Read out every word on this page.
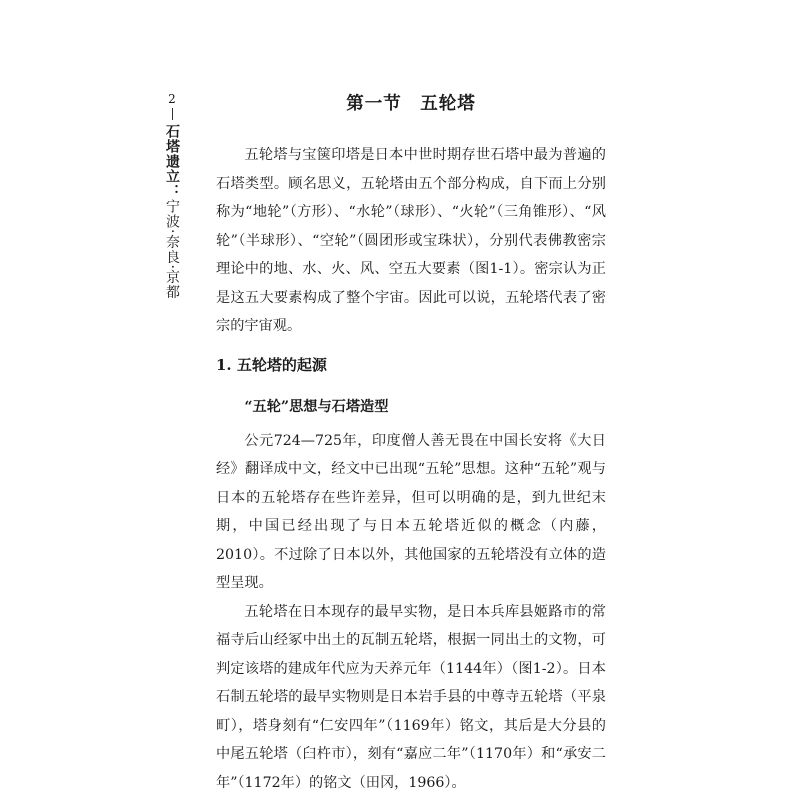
2
石塔遗立：宁波·奈良·京都
第一节　五轮塔

五轮塔与宝箧印塔是日本中世时期存世石塔中最为普遍的石塔类型。顾名思义，五轮塔由五个部分构成，自下而上分别称为“地轮”（方形）、“水轮”（球形）、“火轮”（三角锥形）、“风轮”（半球形）、“空轮”（圆团形或宝珠状），分别代表佛教密宗理论中的地、水、火、风、空五大要素（图1-1）。密宗认为正是这五大要素构成了整个宇宙。因此可以说，五轮塔代表了密宗的宇宙观。

1. 五轮塔的起源
“五轮”思想与石塔造型

公元724—725年，印度僧人善无畏在中国长安将《大日经》翻译成中文，经文中已出现“五轮”思想。这种“五轮”观与日本的五轮塔存在些许差异，但可以明确的是，到九世纪末期，中国已经出现了与日本五轮塔近似的概念（内藤，2010）。不过除了日本以外，其他国家的五轮塔没有立体的造型呈现。

五轮塔在日本现存的最早实物，是日本兵库县姬路市的常福寺后山经冢中出土的瓦制五轮塔，根据一同出土的文物，可判定该塔的建成年代应为天养元年（1144年）（图1-2）。日本石制五轮塔的最早实物则是日本岩手县的中尊寺五轮塔（平泉町），塔身刻有“仁安四年”（1169年）铭文，其后是大分县的中尾五轮塔（臼杵市），刻有“嘉应二年”（1170年）和“承安二年”（1172年）的铭文（田冈，1966）。
